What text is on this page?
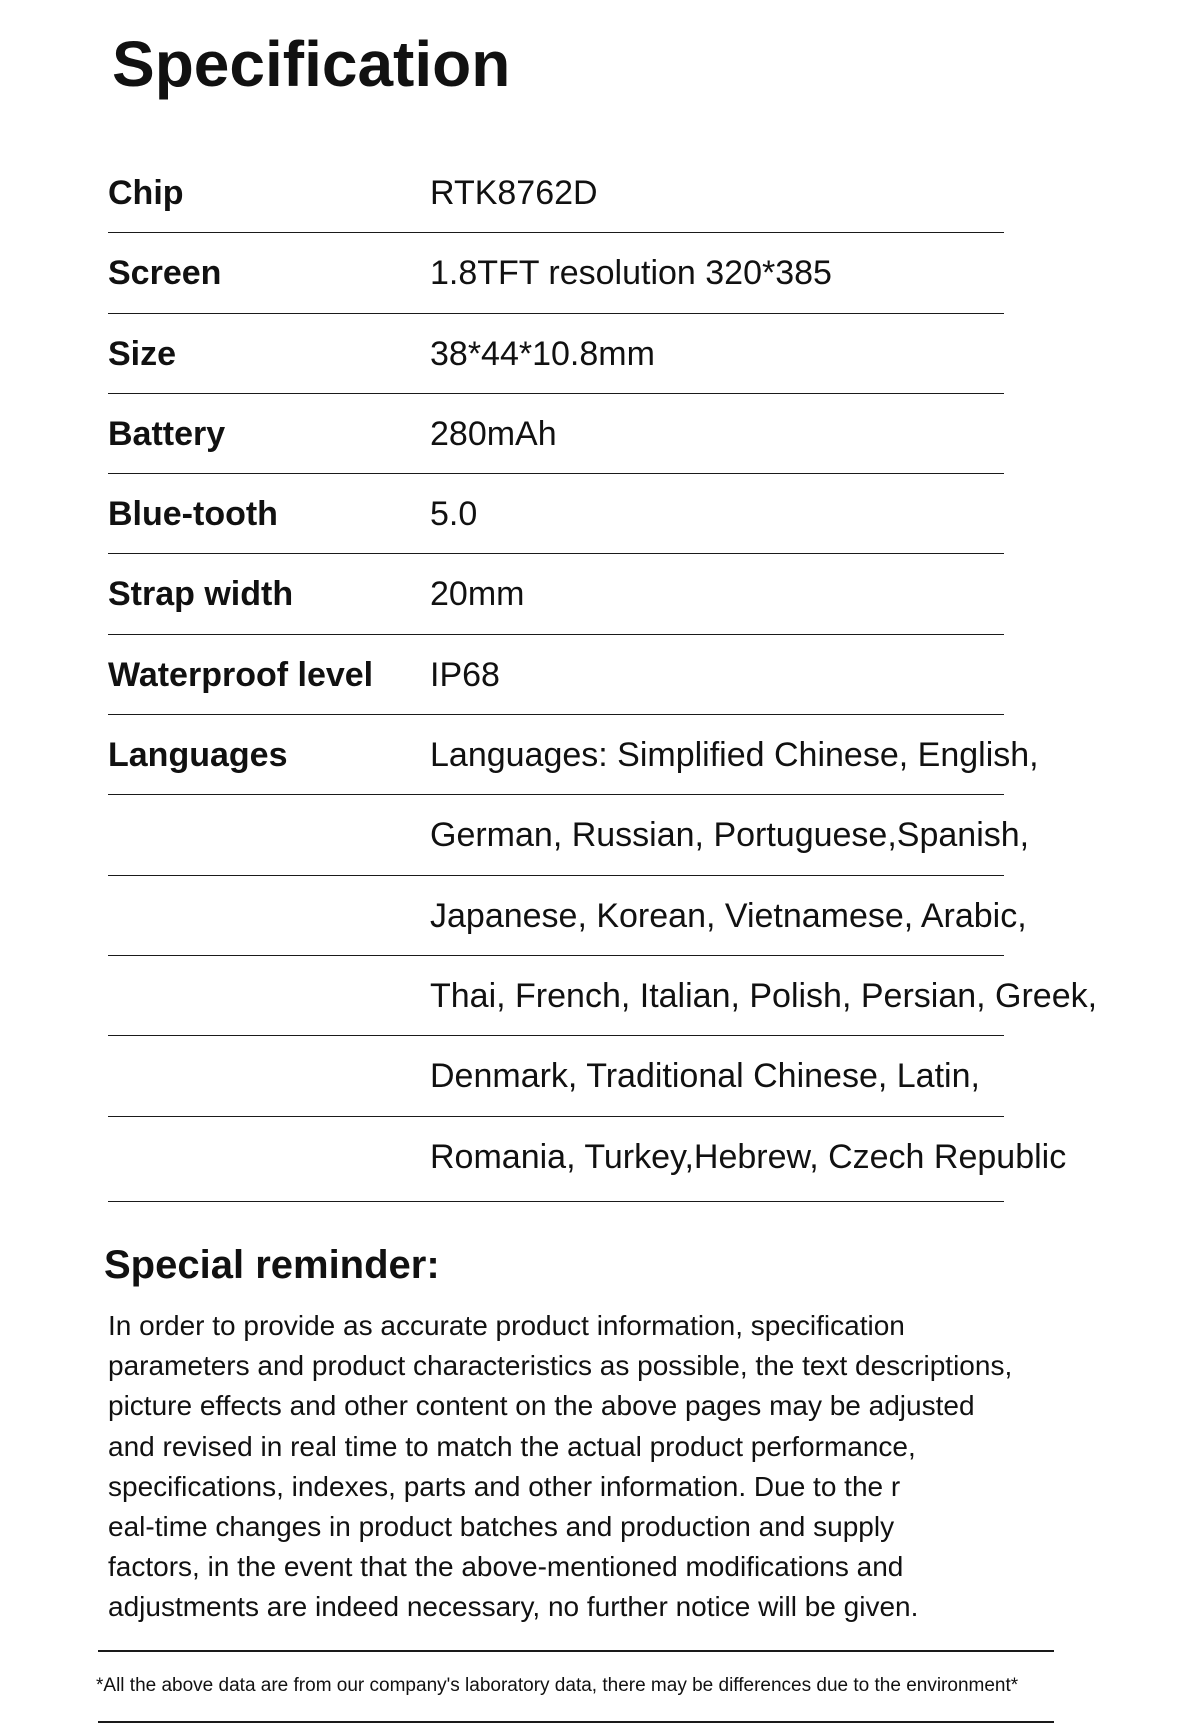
Specification
Chip	RTK8762D
Screen	1.8TFT resolution 320*385
Size	38*44*10.8mm
Battery	280mAh
Blue-tooth	5.0
Strap width	20mm
Waterproof level IP68
Languages	Languages: Simplified Chinese, English,
German, Russian, Portuguese,Spanish,
Japanese, Korean, Vietnamese, Arabic,
Thai, French, Italian, Polish, Persian, Greek,
Denmark, Traditional Chinese, Latin,
Romania, Turkey,Hebrew, Czech Republic
Special reminder:

In order to provide as accurate product information, specification
parameters and product characteristics as possible, the text descriptions,
picture effects and other content on the above pages may be adjusted
and revised in real time to match the actual product performance,
specifications, indexes, parts and other information. Due to the r
eal-time changes in product batches and production and supply
factors, in the event that the above-mentioned modifications and
adjustments are indeed necessary, no further notice will be given.

*All the above data are from our company's laboratory data, there may be differences due to the environment*
